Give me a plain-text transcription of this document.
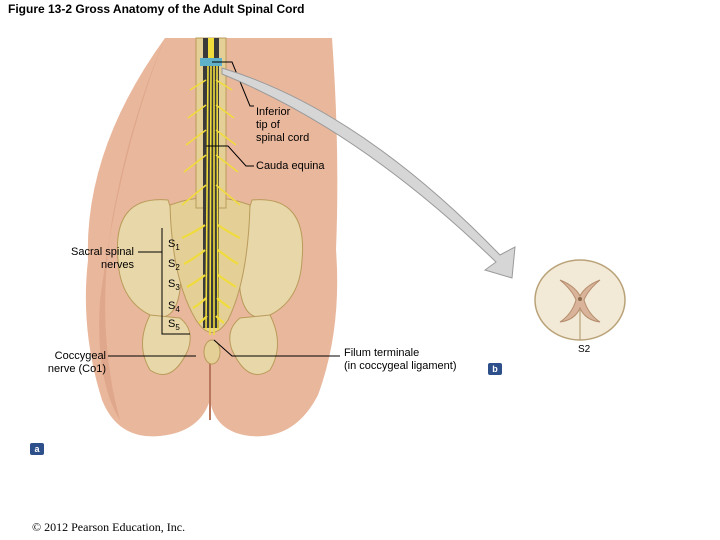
Figure 13-2 Gross Anatomy of the Adult Spinal Cord
Inferior
tip of
spinal cord
Cauda equina
Sacral spinal
nerves
$S_1$
$S_2$
$S_3$
$S_4$
$S_5$
Coccygeal
nerve (Co1)
Filum terminale
(in coccygeal ligament)
S2
b
a
© 2012 Pearson Education, Inc.
